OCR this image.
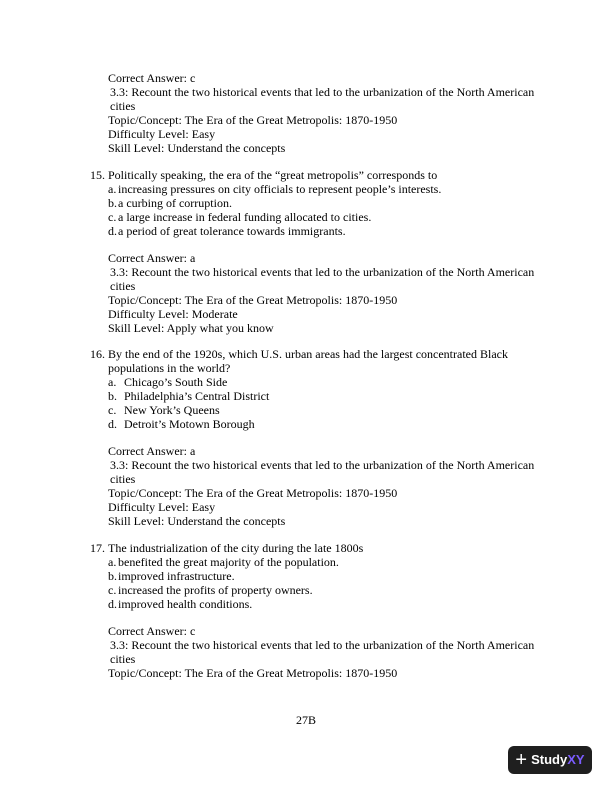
Correct Answer: c
3.3: Recount the two historical events that led to the urbanization of the North American cities
Topic/Concept: The Era of the Great Metropolis: 1870-1950
Difficulty Level: Easy
Skill Level: Understand the concepts
15. Politically speaking, the era of the “great metropolis” corresponds to
a. increasing pressures on city officials to represent people’s interests.
b. a curbing of corruption.
c. a large increase in federal funding allocated to cities.
d. a period of great tolerance towards immigrants.
Correct Answer: a
3.3: Recount the two historical events that led to the urbanization of the North American cities
Topic/Concept: The Era of the Great Metropolis: 1870-1950
Difficulty Level: Moderate
Skill Level: Apply what you know
16. By the end of the 1920s, which U.S. urban areas had the largest concentrated Black populations in the world?
a. Chicago’s South Side
b. Philadelphia’s Central District
c. New York’s Queens
d. Detroit’s Motown Borough
Correct Answer: a
3.3: Recount the two historical events that led to the urbanization of the North American cities
Topic/Concept: The Era of the Great Metropolis: 1870-1950
Difficulty Level: Easy
Skill Level: Understand the concepts
17. The industrialization of the city during the late 1800s
a. benefited the great majority of the population.
b. improved infrastructure.
c. increased the profits of property owners.
d. improved health conditions.
Correct Answer: c
3.3: Recount the two historical events that led to the urbanization of the North American cities
Topic/Concept: The Era of the Great Metropolis: 1870-1950
27B
+ Study XY
